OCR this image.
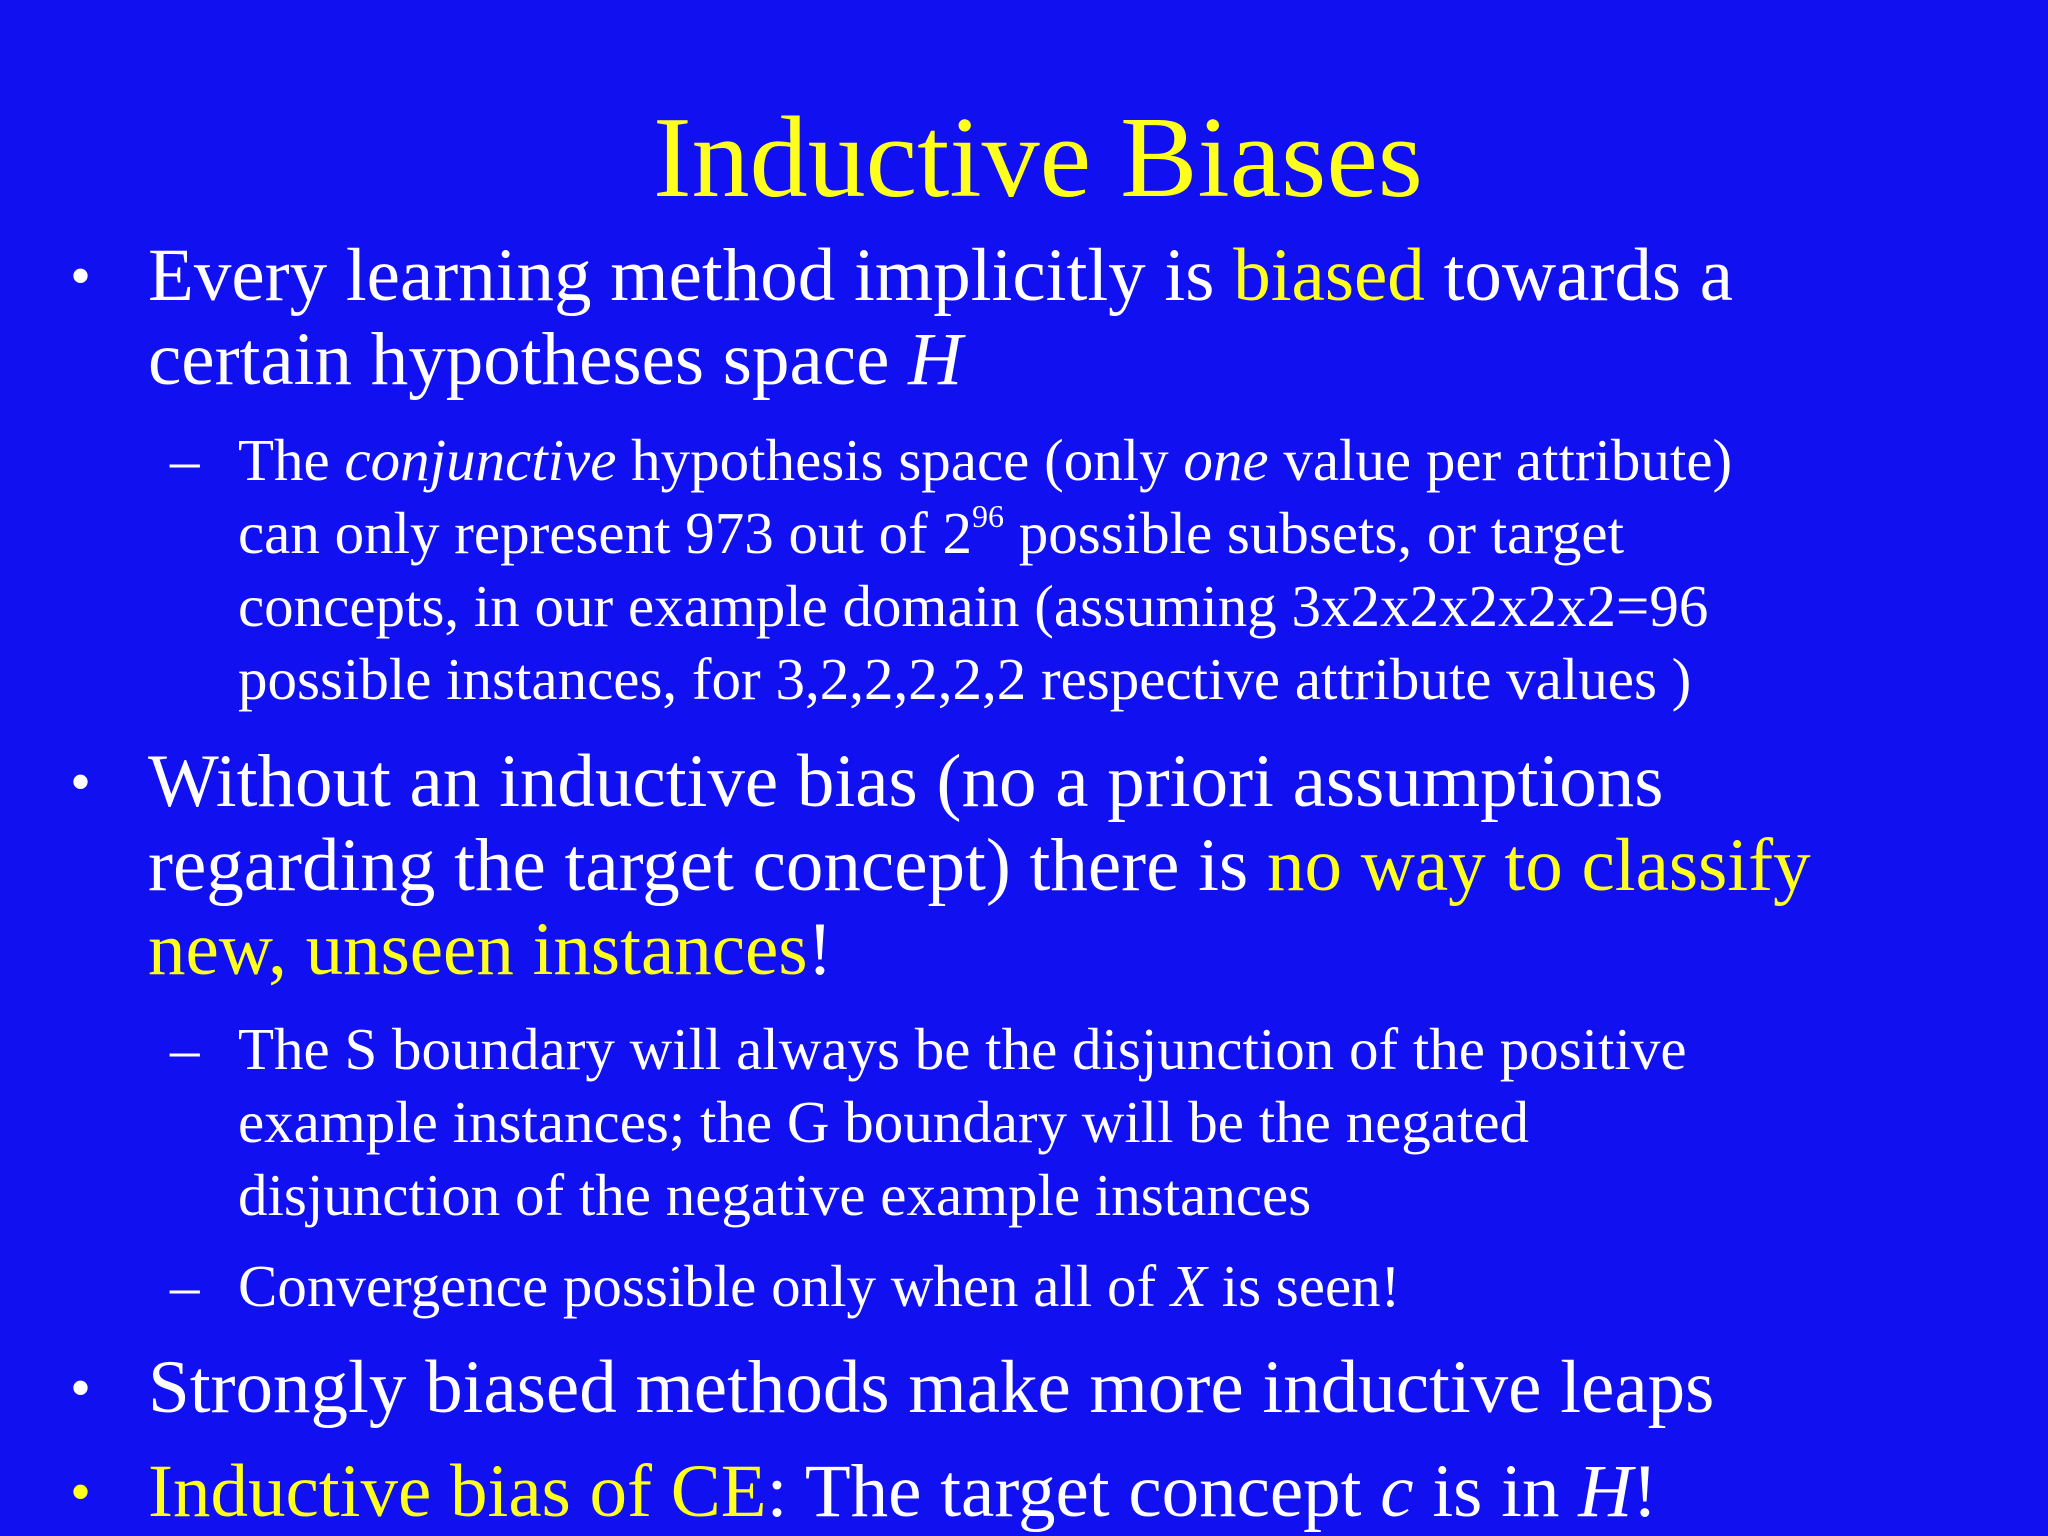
Inductive Biases
• Every learning method implicitly is biased towards a
certain hypotheses space H
– The conjunctive hypothesis space (only one value per attribute)
can only represent 973 out of $2^{96}$ possible subsets, or target
concepts, in our example domain (assuming 3x2x2x2x2x2=96
possible instances, for 3,2,2,2,2,2 respective attribute values )
• Without an inductive bias (no a priori assumptions
regarding the target concept) there is no way to classify
new, unseen instances!
– The S boundary will always be the disjunction of the positive
example instances; the G boundary will be the negated
disjunction of the negative example instances
– Convergence possible only when all of X is seen!
• Strongly biased methods make more inductive leaps
• Inductive bias of CE: The target concept c is in H!
